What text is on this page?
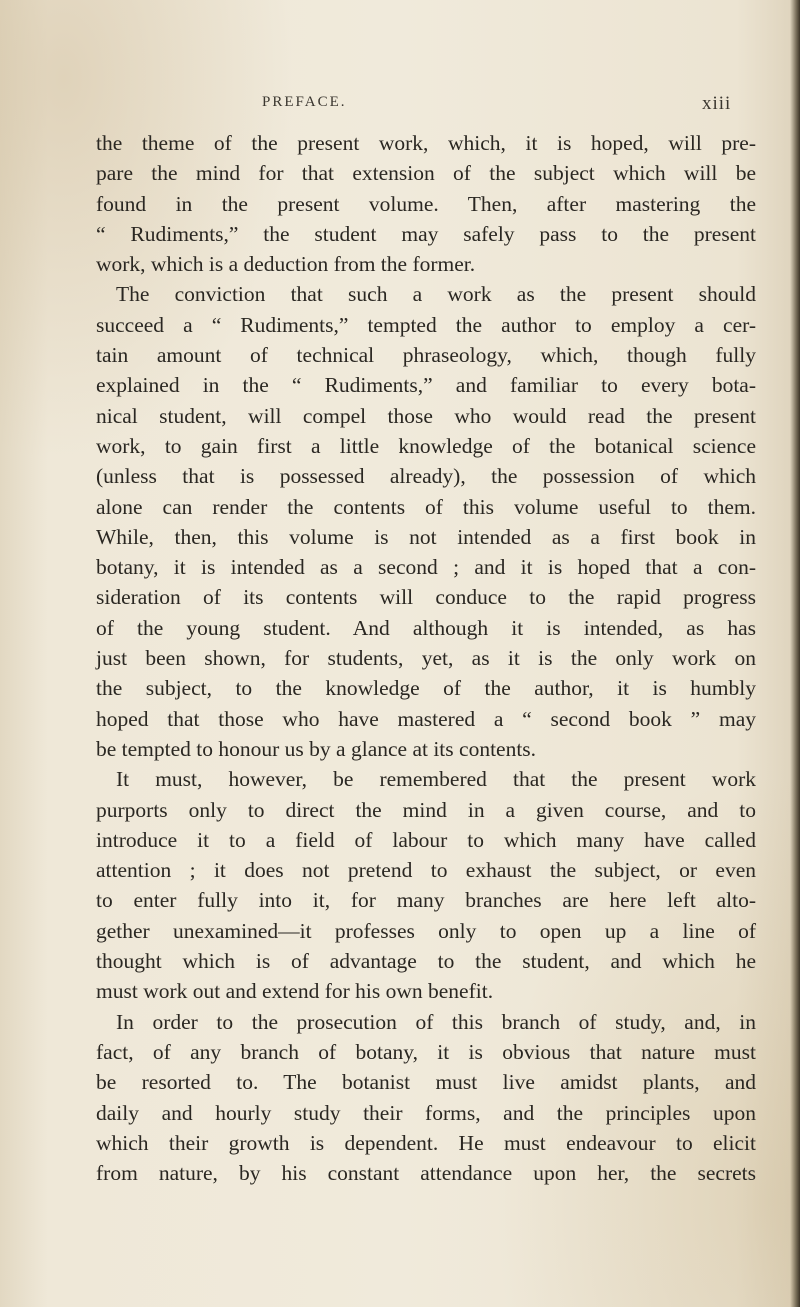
PREFACE.	xiii
the theme of the present work, which, it is hoped, will pre-
pare the mind for that extension of the subject which will be
found in the present volume. Then, after mastering the
“ Rudiments,” the student may safely pass to the present
work, which is a deduction from the former.
The conviction that such a work as the present should
succeed a “ Rudiments,” tempted the author to employ a cer-
tain amount of technical phraseology, which, though fully
explained in the “ Rudiments,” and familiar to every bota-
nical student, will compel those who would read the present
work, to gain first a little knowledge of the botanical science
(unless that is possessed already), the possession of which
alone can render the contents of this volume useful to them.
While, then, this volume is not intended as a first book in
botany, it is intended as a second ; and it is hoped that a con-
sideration of its contents will conduce to the rapid progress
of the young student. And although it is intended, as has
just been shown, for students, yet, as it is the only work on
the subject, to the knowledge of the author, it is humbly
hoped that those who have mastered a “ second book ” may
be tempted to honour us by a glance at its contents.
It must, however, be remembered that the present work
purports only to direct the mind in a given course, and to
introduce it to a field of labour to which many have called
attention ; it does not pretend to exhaust the subject, or even
to enter fully into it, for many branches are here left alto-
gether unexamined—it professes only to open up a line of
thought which is of advantage to the student, and which he
must work out and extend for his own benefit.
In order to the prosecution of this branch of study, and, in
fact, of any branch of botany, it is obvious that nature must
be resorted to. The botanist must live amidst plants, and
daily and hourly study their forms, and the principles upon
which their growth is dependent. He must endeavour to elicit
from nature, by his constant attendance upon her, the secrets
